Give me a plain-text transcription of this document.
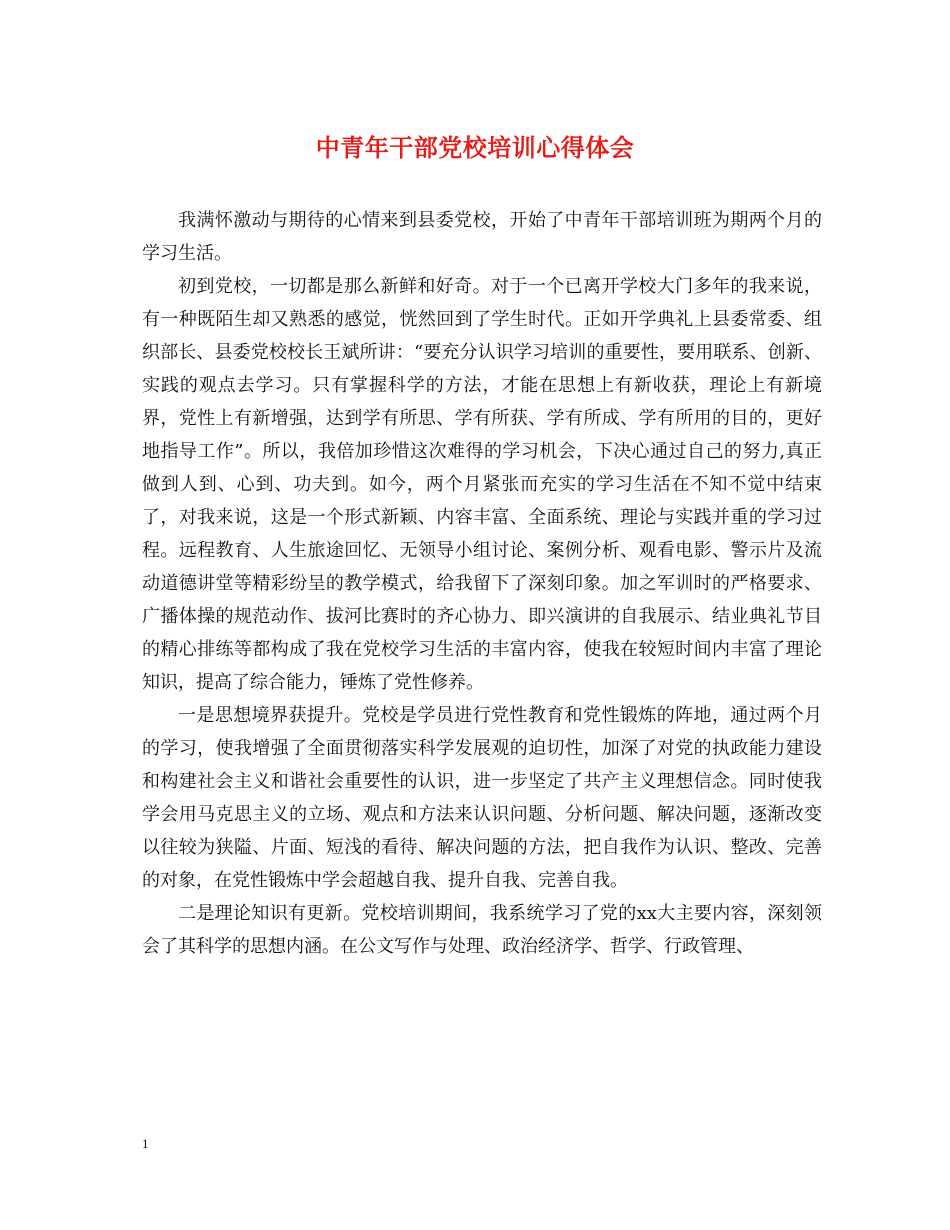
中青年干部党校培训心得体会

我满怀激动与期待的心情来到县委党校，开始了中青年干部培训班为期两个月的学习生活。

初到党校，一切都是那么新鲜和好奇。对于一个已离开学校大门多年的我来说，有一种既陌生却又熟悉的感觉，恍然回到了学生时代。正如开学典礼上县委常委、组织部长、县委党校校长王斌所讲：“要充分认识学习培训的重要性，要用联系、创新、实践的观点去学习。只有掌握科学的方法，才能在思想上有新收获，理论上有新境界，党性上有新增强，达到学有所思、学有所获、学有所成、学有所用的目的，更好地指导工作”。所以，我倍加珍惜这次难得的学习机会，下决心通过自己的努力,真正做到人到、心到、功夫到。如今，两个月紧张而充实的学习生活在不知不觉中结束了，对我来说，这是一个形式新颖、内容丰富、全面系统、理论与实践并重的学习过程。远程教育、人生旅途回忆、无领导小组讨论、案例分析、观看电影、警示片及流动道德讲堂等精彩纷呈的教学模式，给我留下了深刻印象。加之军训时的严格要求、广播体操的规范动作、拔河比赛时的齐心协力、即兴演讲的自我展示、结业典礼节目的精心排练等都构成了我在党校学习生活的丰富内容，使我在较短时间内丰富了理论知识，提高了综合能力，锤炼了党性修养。

一是思想境界获提升。党校是学员进行党性教育和党性锻炼的阵地，通过两个月的学习，使我增强了全面贯彻落实科学发展观的迫切性，加深了对党的执政能力建设和构建社会主义和谐社会重要性的认识，进一步坚定了共产主义理想信念。同时使我学会用马克思主义的立场、观点和方法来认识问题、分析问题、解决问题，逐渐改变以往较为狭隘、片面、短浅的看待、解决问题的方法，把自我作为认识、整改、完善的对象，在党性锻炼中学会超越自我、提升自我、完善自我。

二是理论知识有更新。党校培训期间，我系统学习了党的xx大主要内容，深刻领会了其科学的思想内涵。在公文写作与处理、政治经济学、哲学、行政管理、

1
